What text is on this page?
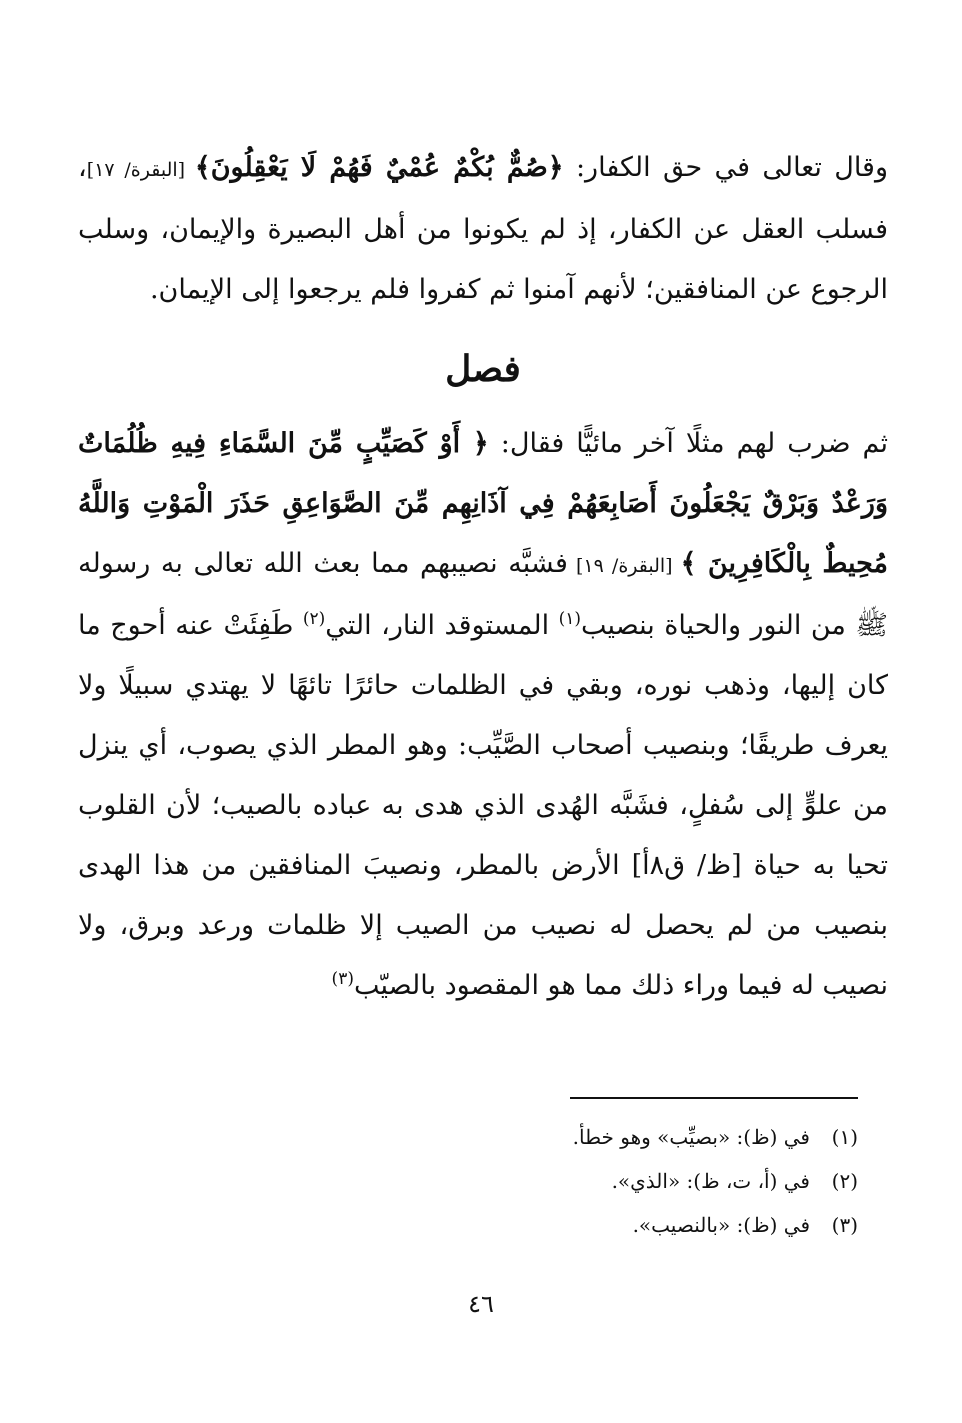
وقال تعالى في حق الكفار: ﴿صُمٌّ بُكْمٌ عُمْيٌ فَهُمْ لَا يَعْقِلُونَ﴾ [البقرة/ ١٧]، فسلب العقل عن الكفار، إذ لم يكونوا من أهل البصيرة والإيمان، وسلب الرجوع عن المنافقين؛ لأنهم آمنوا ثم كفروا فلم يرجعوا إلى الإيمان.

فصل

ثم ضرب لهم مثلًا آخر مائيًّا فقال: ﴿ أَوْ كَصَيِّبٍ مِّنَ السَّمَاءِ فِيهِ ظُلُمَاتٌ وَرَعْدٌ وَبَرْقٌ يَجْعَلُونَ أَصَابِعَهُمْ فِي آذَانِهِم مِّنَ الصَّوَاعِقِ حَذَرَ الْمَوْتِ وَاللَّهُ مُحِيطٌ بِالْكَافِرِينَ ﴾ [البقرة/ ١٩] فشبَّه نصيبهم مما بعث الله تعالى به رسوله ﷺ من النور والحياة بنصيب$^{(١)}$ المستوقد النار، التي$^{(٢)}$ طَفِئَتْ عنه أحوج ما كان إليها، وذهب نوره، وبقي في الظلمات حائرًا تائهًا لا يهتدي سبيلًا ولا يعرف طريقًا؛ وبنصيب أصحاب الصَّيِّب: وهو المطر الذي يصوب، أي ينزل من علوٍّ إلى سُفلٍ، فشَبَّه الهُدى الذي هدى به عباده بالصيب؛ لأن القلوب تحيا به حياة [ظ/ ق٨أ] الأرض بالمطر، ونصيبَ المنافقين من هذا الهدى بنصيب من لم يحصل له نصيب من الصيب إلا ظلمات ورعد وبرق، ولا نصيب له فيما وراء ذلك مما هو المقصود بالصيّب$^{(٣)}$

(١)في (ظ): «بصيِّب» وهو خطأ.
(٢)في (أ، ت، ظ): «الذي».
(٣)في (ظ): «بالنصيب».
٤٦
